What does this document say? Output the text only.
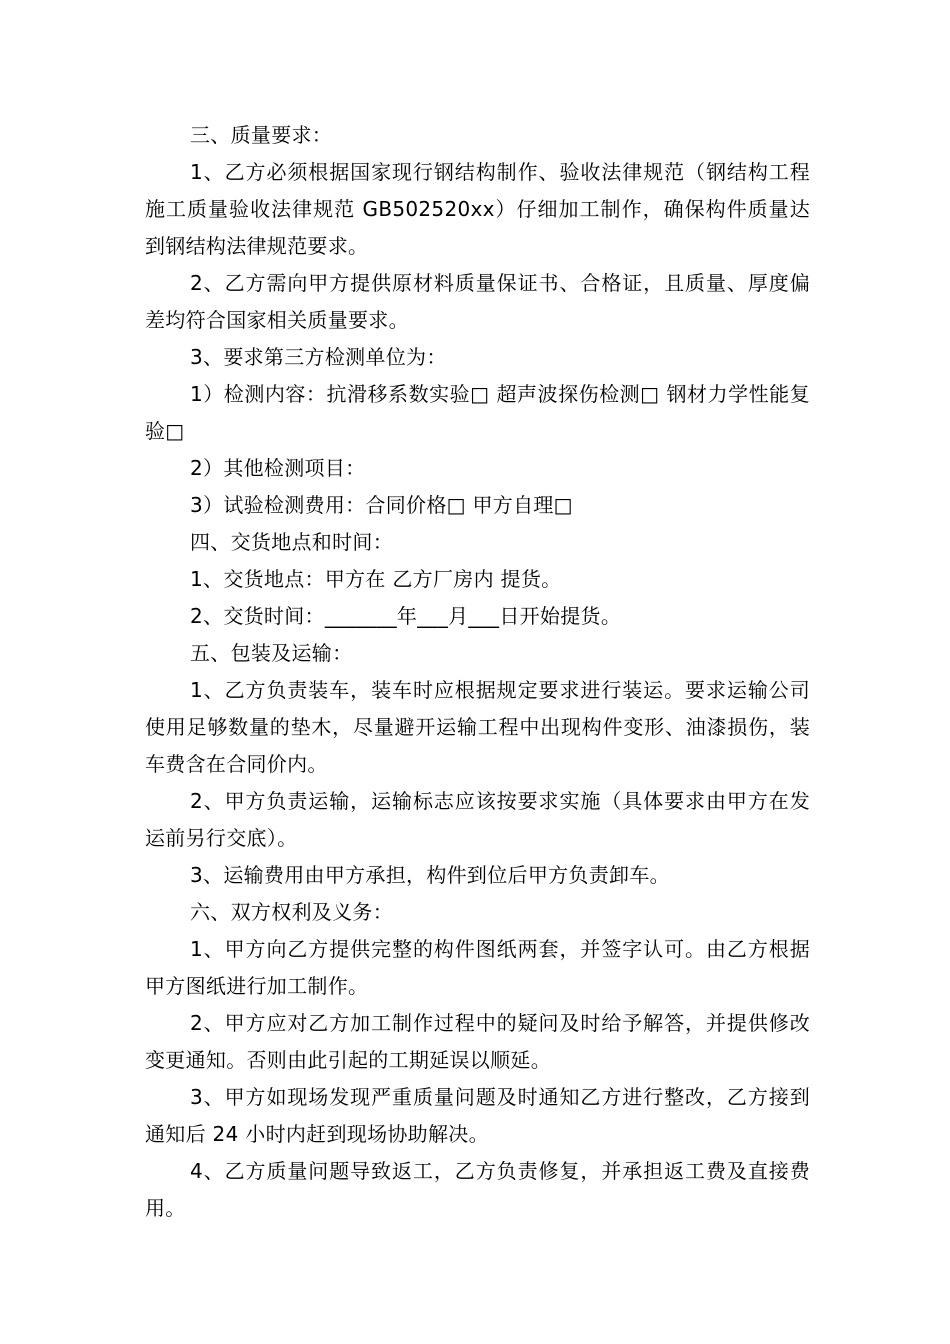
三、质量要求：

1、乙方必须根据国家现行钢结构制作、验收法律规范（钢结构工程施工质量验收法律规范 GB502520xx）仔细加工制作，确保构件质量达到钢结构法律规范要求。

2、乙方需向甲方提供原材料质量保证书、合格证，且质量、厚度偏差均符合国家相关质量要求。

3、要求第三方检测单位为：

1）检测内容：抗滑移系数实验□ 超声波探伤检测□ 钢材力学性能复验□

2）其他检测项目：

3）试验检测费用：合同价格□ 甲方自理□

四、交货地点和时间：

1、交货地点：甲方在 乙方厂房内 提货。

2、交货时间：_______年___月___日开始提货。

五、包装及运输：

1、乙方负责装车，装车时应根据规定要求进行装运。要求运输公司使用足够数量的垫木，尽量避开运输工程中出现构件变形、油漆损伤，装车费含在合同价内。

2、甲方负责运输，运输标志应该按要求实施（具体要求由甲方在发运前另行交底）。

3、运输费用由甲方承担，构件到位后甲方负责卸车。

六、双方权利及义务：

1、甲方向乙方提供完整的构件图纸两套，并签字认可。由乙方根据甲方图纸进行加工制作。

2、甲方应对乙方加工制作过程中的疑问及时给予解答，并提供修改变更通知。否则由此引起的工期延误以顺延。

3、甲方如现场发现严重质量问题及时通知乙方进行整改，乙方接到通知后 24 小时内赶到现场协助解决。

4、乙方质量问题导致返工，乙方负责修复，并承担返工费及直接费用。
